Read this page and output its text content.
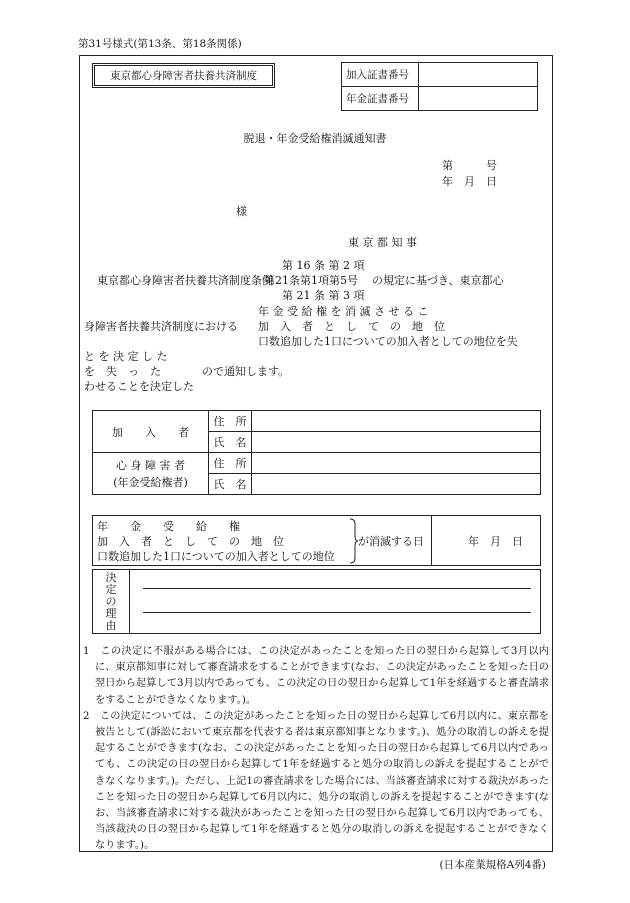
第31号様式(第13条、第18条関係)
東京都心身障害者扶養共済制度	加入証書番号	
年金証書番号	
脱退・年金受給権消滅通知書
第　　　号
年　月　日
様
東 京 都 知 事
第 16 条 第 2 項
東京都心身障害者扶養共済制度条例
第21条第1項第5号 の規定に基づき、東京都心
第 21 条 第 3 項
身障害者扶養共済制度における
年 金 受 給 権 を 消 滅 さ せ る こ
加　入　者　と　し　て　の　地　位
口数追加した1口についての加入者としての地位を失
と を 決 定 し た
を　失　っ　た	ので通知します。
わせることを決定した
加　　入　　者	住　所	
	氏　名	

心 身 障 害 者
(年金受給権者)	住　所	
	氏　名	
年　　金　　受　　給　　権
加　入　者　と　し　て　の　地　位
口数追加した1口についての加入者としての地位
が消滅する日	年　月　日
決
定
の
理
由

1　この決定に不服がある場合には、この決定があったことを知った日の翌日から起算して3月以内に、東京都知事に対して審査請求をすることができます(なお、この決定があったことを知った日の翌日から起算して3月以内であっても、この決定の日の翌日から起算して1年を経過すると審査請求をすることができなくなります。)。

2　この決定については、この決定があったことを知った日の翌日から起算して6月以内に、東京都を被告として(訴訟において東京都を代表する者は東京都知事となります。)、処分の取消しの訴えを提起することができます(なお、この決定があったことを知った日の翌日から起算して6月以内であっても、この決定の日の翌日から起算して1年を経過すると処分の取消しの訴えを提起することができなくなります。)。ただし、上記1の審査請求をした場合には、当該審査請求に対する裁決があったことを知った日の翌日から起算して6月以内に、処分の取消しの訴えを提起することができます(なお、当該審査請求に対する裁決があったことを知った日の翌日から起算して6月以内であっても、当該裁決の日の翌日から起算して1年を経過すると処分の取消しの訴えを提起することができなくなります。)。

(日本産業規格A列4番)
